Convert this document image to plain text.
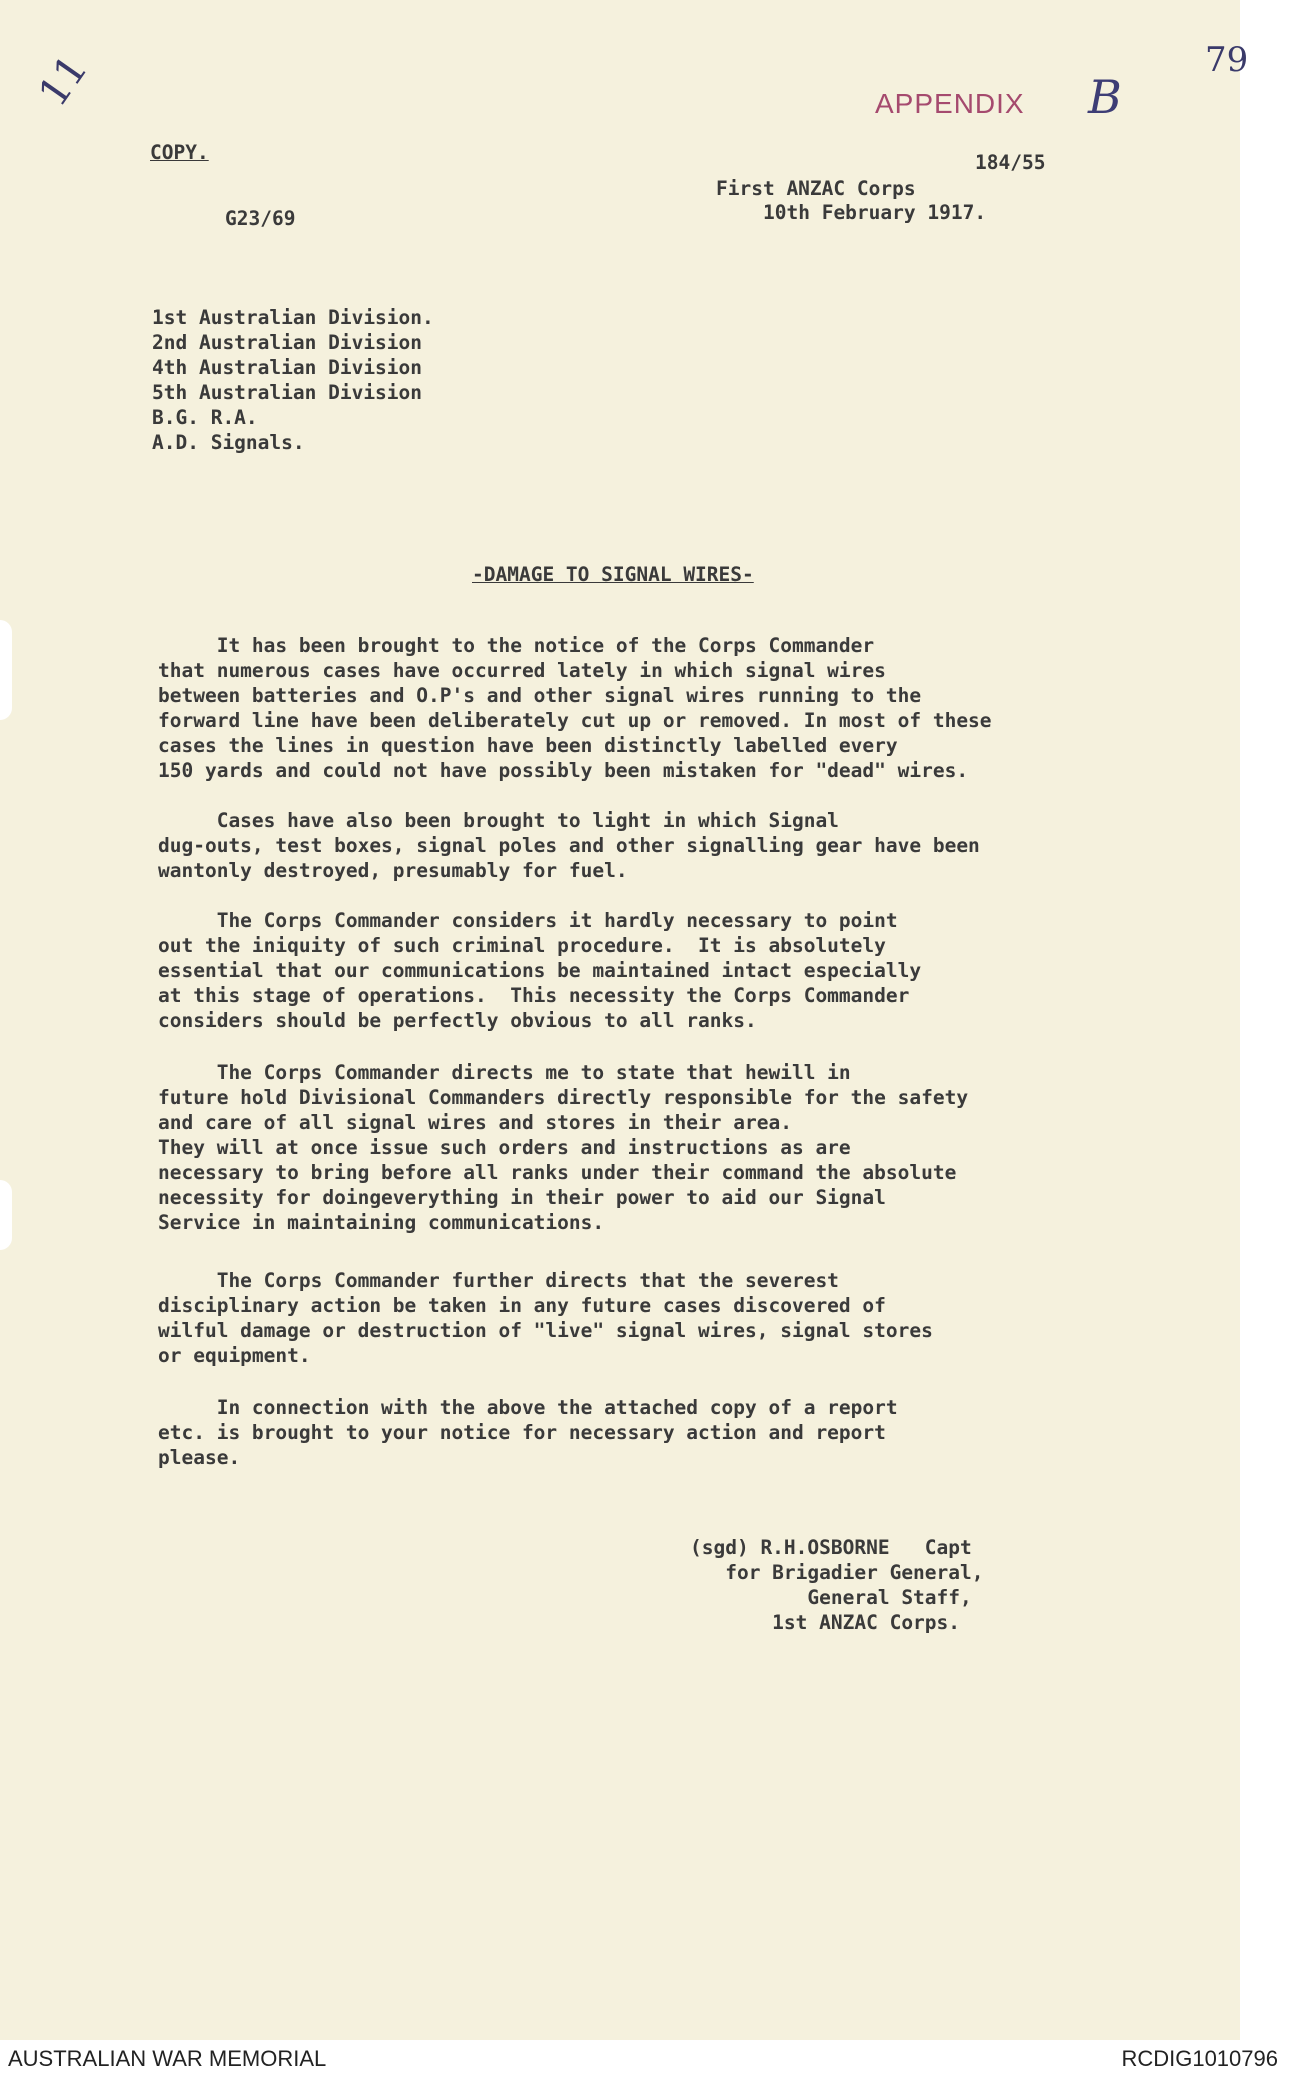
11	79
APPENDIX B
COPY.	184/55
First ANZAC Corps
10th February 1917.
G23/69
1st Australian Division.
2nd Australian Division
4th Australian Division
5th Australian Division
B.G. R.A.
A.D. Signals.
-DAMAGE TO SIGNAL WIRES-
It has been brought to the notice of the Corps Commander
that numerous cases have occurred lately in which signal wires
between batteries and O.P's and other signal wires running to the
forward line have been deliberately cut up or removed. In most of these
cases the lines in question have been distinctly labelled every
150 yards and could not have possibly been mistaken for "dead" wires.
Cases have also been brought to light in which Signal
dug-outs, test boxes, signal poles and other signalling gear have been
wantonly destroyed, presumably for fuel.
The Corps Commander considers it hardly necessary to point
out the iniquity of such criminal procedure.  It is absolutely
essential that our communications be maintained intact especially
at this stage of operations.  This necessity the Corps Commander
considers should be perfectly obvious to all ranks.
The Corps Commander directs me to state that hewill in
future hold Divisional Commanders directly responsible for the safety
and care of all signal wires and stores in their area.
They will at once issue such orders and instructions as are
necessary to bring before all ranks under their command the absolute
necessity for doingeverything in their power to aid our Signal
Service in maintaining communications.
The Corps Commander further directs that the severest
disciplinary action be taken in any future cases discovered of
wilful damage or destruction of "live" signal wires, signal stores
or equipment.
In connection with the above the attached copy of a report
etc. is brought to your notice for necessary action and report
please.
(sgd) R.H.OSBORNE   Capt
for Brigadier General,
General Staff,
1st ANZAC Corps.
AUSTRALIAN WAR MEMORIAL	RCDIG1010796
